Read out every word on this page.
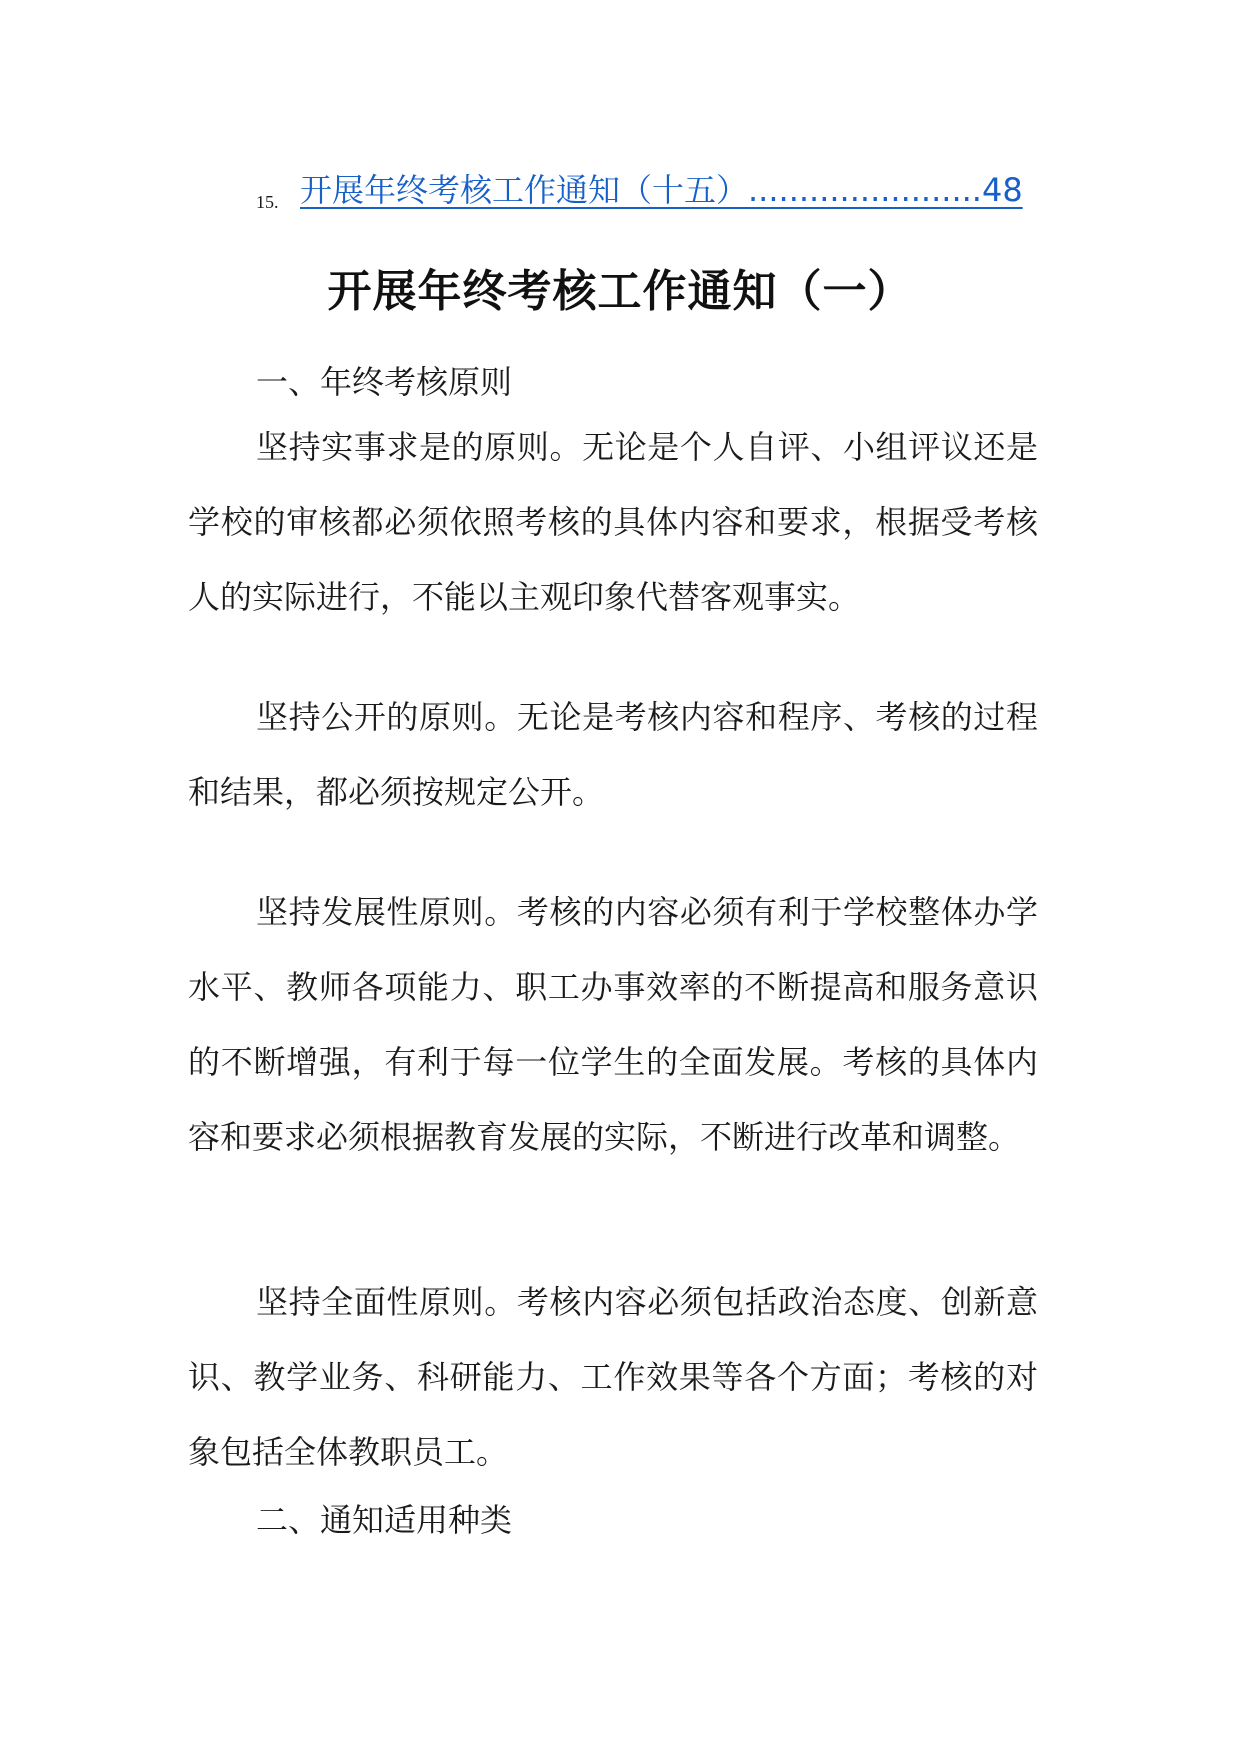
15. 开展年终考核工作通知（十五）.......................48
开展年终考核工作通知（一）
一、年终考核原则

坚持实事求是的原则。无论是个人自评、小组评议还是学校的审核都必须依照考核的具体内容和要求，根据受考核人的实际进行，不能以主观印象代替客观事实。

坚持公开的原则。无论是考核内容和程序、考核的过程和结果，都必须按规定公开。

坚持发展性原则。考核的内容必须有利于学校整体办学水平、教师各项能力、职工办事效率的不断提高和服务意识的不断增强，有利于每一位学生的全面发展。考核的具体内容和要求必须根据教育发展的实际，不断进行改革和调整。

坚持全面性原则。考核内容必须包括政治态度、创新意识、教学业务、科研能力、工作效果等各个方面；考核的对象包括全体教职员工。

二、通知适用种类
